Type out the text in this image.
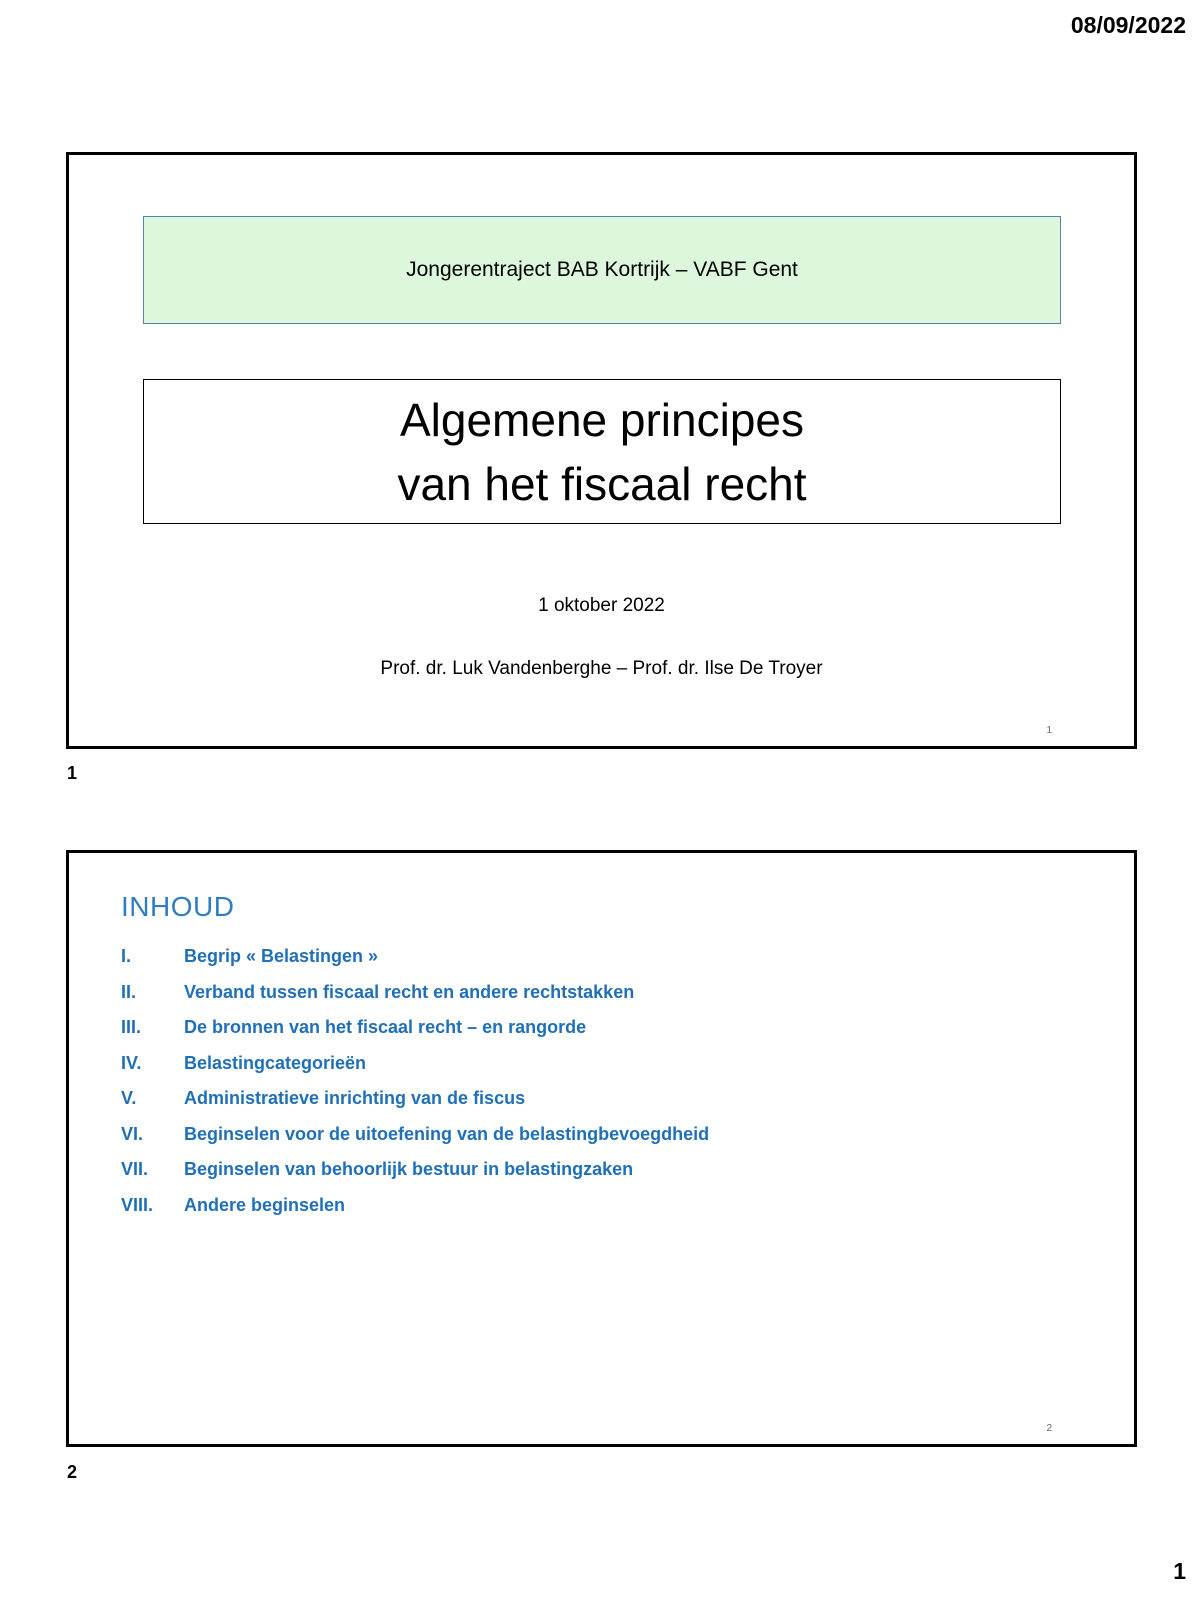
08/09/2022
Jongerentraject BAB Kortrijk – VABF Gent
Algemene principes
van het fiscaal recht
1 oktober 2022
Prof. dr. Luk Vandenberghe – Prof. dr. Ilse De Troyer
1
1
INHOUD
I.	Begrip « Belastingen »
II.	Verband tussen fiscaal recht en andere rechtstakken
III.	De bronnen van het fiscaal recht – en rangorde
IV.	Belastingcategorieën
V.	Administratieve inrichting van de fiscus
VI.	Beginselen voor de uitoefening van de belastingbevoegdheid
VII.	Beginselen van behoorlijk bestuur in belastingzaken
VIII.	Andere beginselen
2
2
1
